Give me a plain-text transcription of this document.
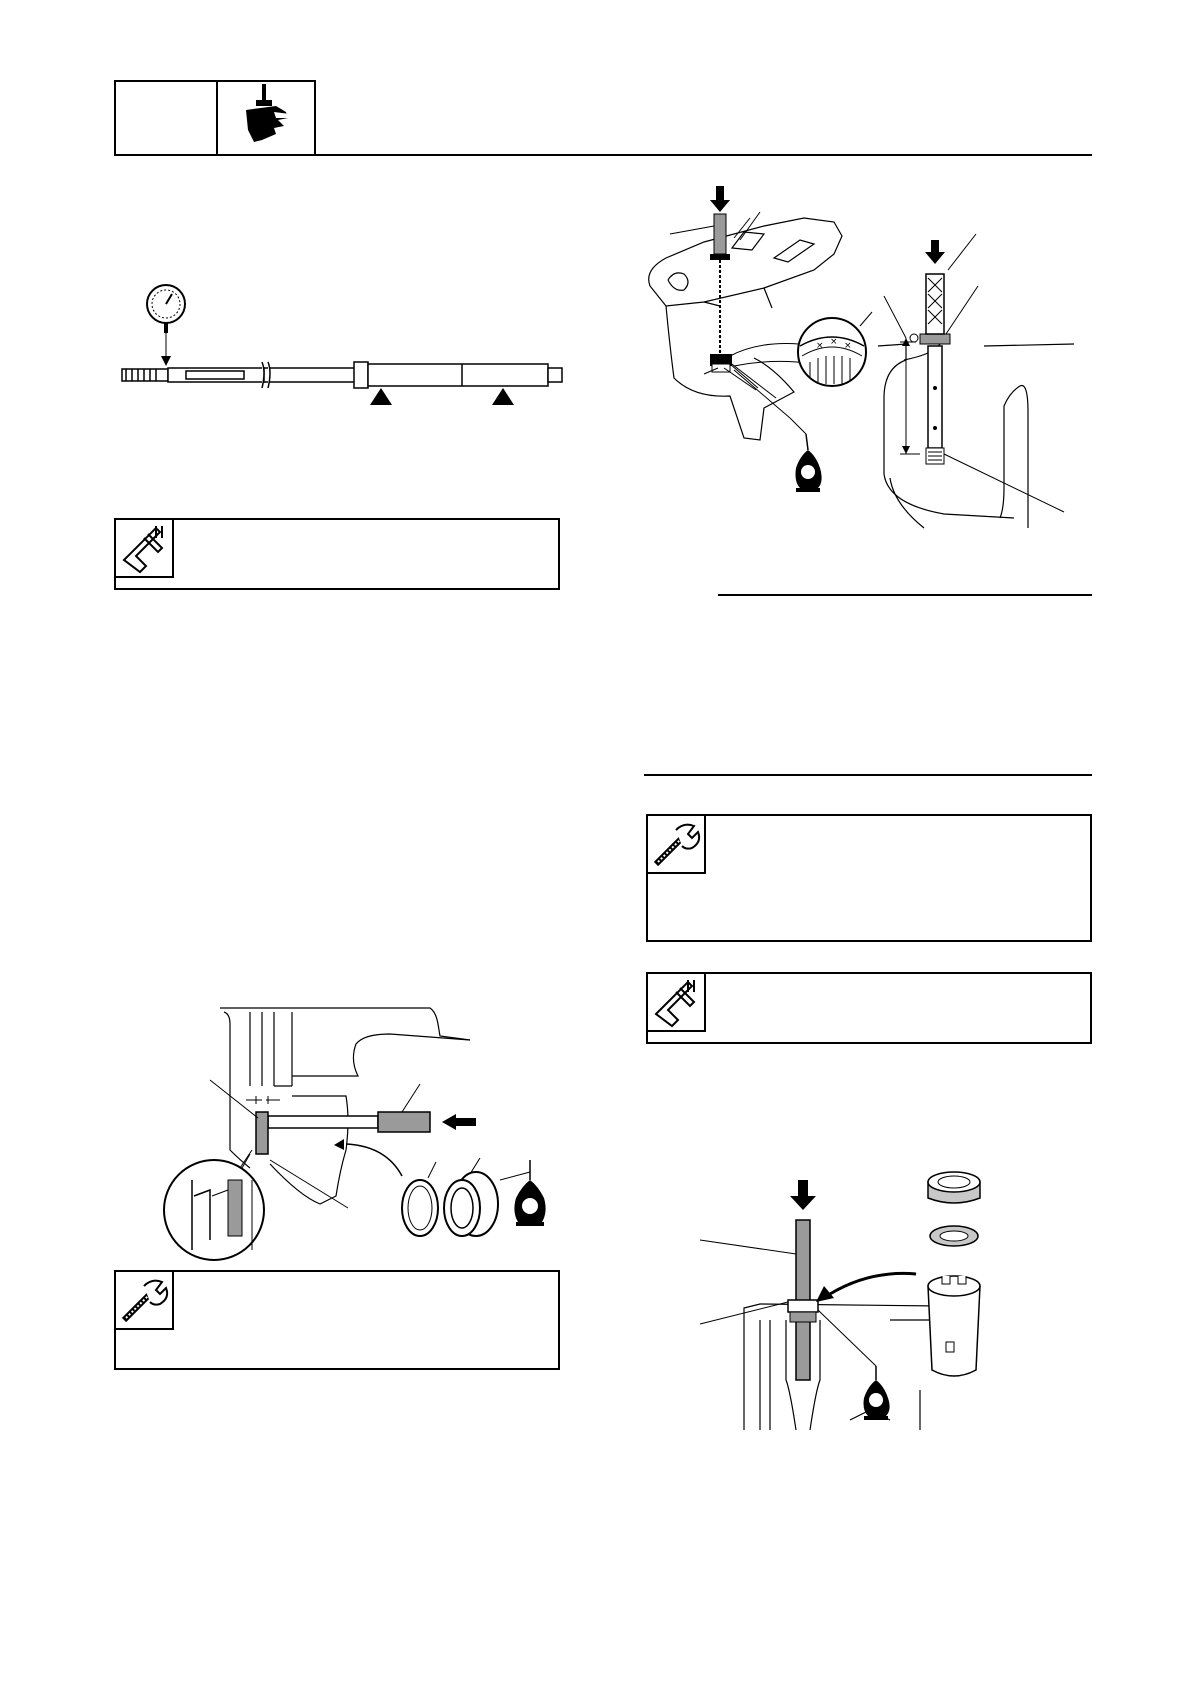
× × ×
